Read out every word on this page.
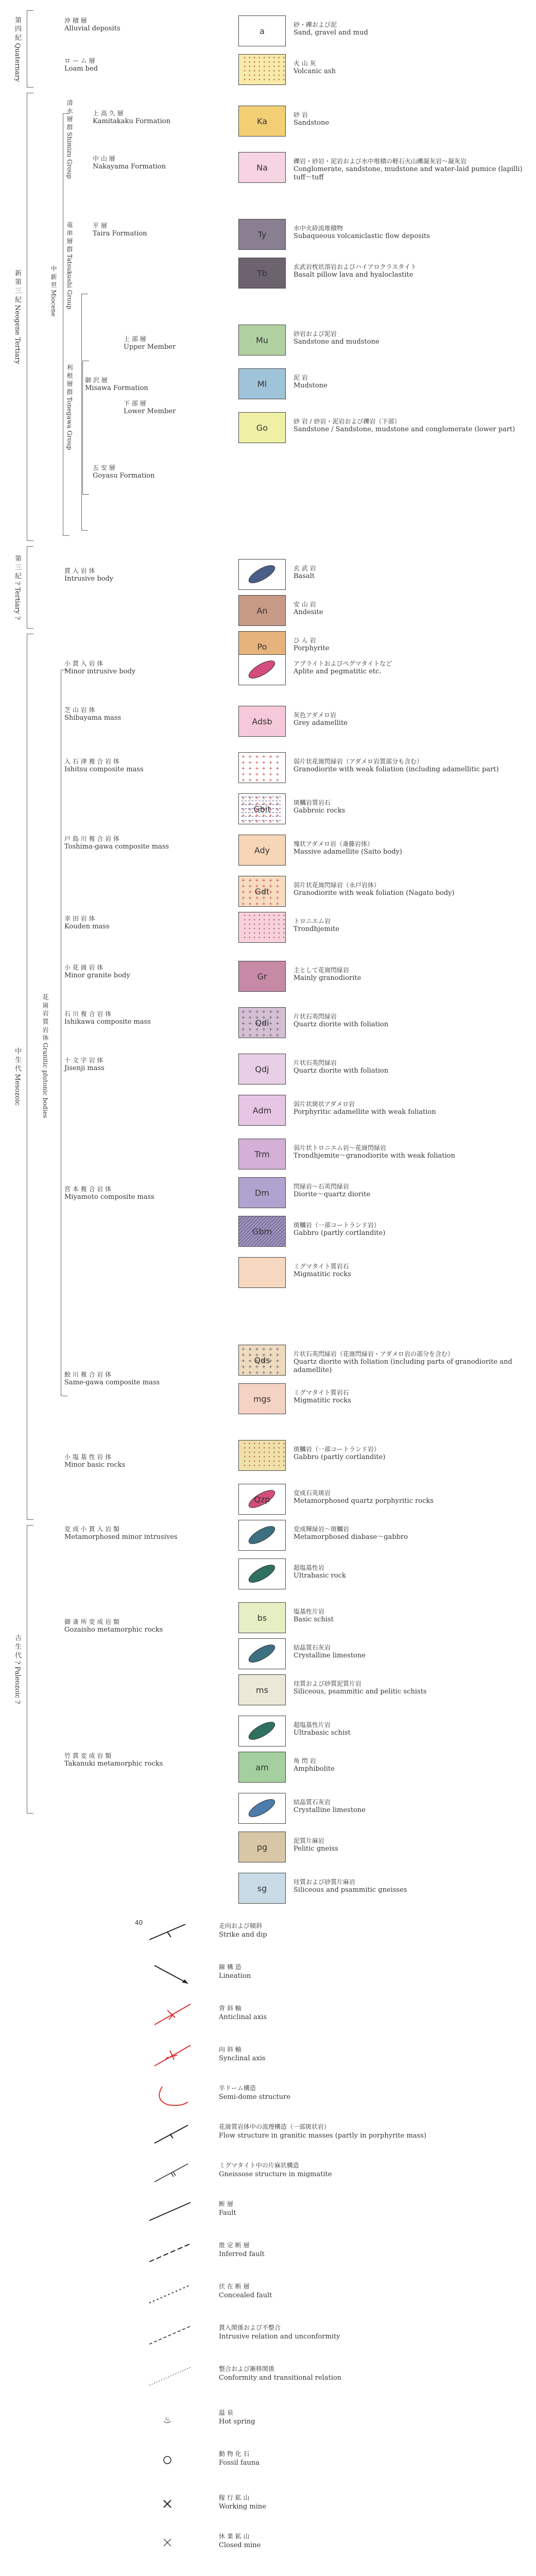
第 四 紀 Quaternary
新 第 三 紀 Neogene Tertiary
第 三 紀 ? Tertiary ?
中 生 代 Mesozoic
古 生 代 ? Paleozoic ?
中 新 世 Miocene
清 水 層 群 Shimizu Group
竜 串 層 群 Tatsukushi Group
利 根 層 群 Tonegawa Group 御 沢 層
Misawa Formation
花 崗 岩 質 岩 体 Granitic plutonic bodies
沖 積 層
Alluvial deposits
ロ ー ム 層
Loam bed
上 高 久 層
Kamitakaku Formation
中 山 層
Nakayama Formation
平 層
Taira Formation
上 部 層
Upper Member
下 部 層
Lower Member
五 安 層
Goyasu Formation
貫 入 岩 体
Intrusive body
小 貫 入 岩 体
Minor intrusive body
芝 山 岩 体
Shibayama mass
入 石 津 複 合 岩 体
Ishitsu composite mass
戸 島 川 複 合 岩 体
Toshima-gawa composite mass
幸 田 岩 体
Kouden mass
小 花 崗 岩 体
Minor granite body
石 川 複 合 岩 体
Ishikawa composite mass
十 文 字 岩 体
Jisenji mass
宮 本 複 合 岩 体
Miyamoto composite mass
鮫 川 複 合 岩 体
Same-gawa composite mass
小 塩 基 性 岩 体
Minor basic rocks
変 成 小 貫 入 岩 類
Metamorphosed minor intrusives
御 斎 所 変 成 岩 類
Gozaisho metamorphic rocks
竹 貫 変 成 岩 類
Takanuki metamorphic rocks
a
砂・礫および泥
Sand, gravel and mud
火 山 灰
Volcanic ash
Ka
砂 岩
Sandstone
Na
礫岩・砂岩・泥岩および水中堆積の軽石火山礫凝灰岩〜凝灰岩
Conglomerate, sandstone, mudstone and water-laid pumice (lapilli) tuff〜tuff
Ty
水中火砕流堆積物
Subaqueous volcaniclastic flow deposits
Tb
玄武岩枕状溶岩およびハイアロクラスタイト
Basalt pillow lava and hyaloclastite
Mu
砂岩および泥岩
Sandstone and mudstone
Ml
泥 岩
Mudstone
Go
砂 岩 / 砂岩・泥岩および礫岩（下部）
Sandstone / Sandstone, mudstone and conglomerate (lower part)
玄 武 岩
Basalt
An
安 山 岩
Andesite
Po
ひ ん 岩
Porphyrite
アプライトおよびペグマタイトなど
Aplite and pegmatitic etc.
Adsb
灰色アダメロ岩
Grey adamellite
弱片状花崗閃緑岩（アダメロ岩質部分も含む）
Granodiorite with weak foliation (including adamellitic part)
Gbit
斑糲岩質岩石
Gabbroic rocks
Ady
塊状アダメロ岩（斎藤岩体）
Massive adamellite (Saito body)
Gdt
弱片状花崗閃緑岩（永戸岩体）
Granodiorite with weak foliation (Nagato body)
トロニエム岩
Trondhjemite
Gr
主として花崗閃緑岩
Mainly granodiorite
Qdi
片状石英閃緑岩
Quartz diorite with foliation
Qdj
片状石英閃緑岩
Quartz diorite with foliation
Adm
弱片状斑状アダメロ岩
Porphyritic adamellite with weak foliation
Trm
弱片状トロニエム岩〜花崗閃緑岩
Trondhjemite〜granodiorite with weak foliation
Dm
閃緑岩〜石英閃緑岩
Diorite〜quartz diorite
Gbm
斑糲岩（一部コートランド岩）
Gabbro (partly cortlandite)
ミグマタイト質岩石
Migmatitic rocks
Qds
片状石英閃緑岩（花崗閃緑岩・アダメロ岩の部分を含む）
Quartz diorite with foliation (including parts of granodiorite and adamellite)
mgs
ミグマタイト質岩石
Migmatitic rocks
斑糲岩（一部コートランド岩）
Gabbro (partly cortlandite)
Qzp
変成石英斑岩
Metamorphosed quartz porphyritic rocks
変成輝緑岩〜斑糲岩
Metamorphosed diabase〜gabbro
超塩基性岩
Ultrabasic rock
bs
塩基性片岩
Basic schist
結晶質石灰岩
Crystalline limestone
ms
珪質および砂質泥質片岩
Siliceous, psammitic and pelitic schists
超塩基性片岩
Ultrabasic schist
am
角 閃 岩
Amphibolite
結晶質石灰岩
Crystalline limestone
pg
泥質片麻岩
Pelitic gneiss
sg
珪質および砂質片麻岩
Siliceous and psammitic gneisses
40	走向および傾斜
Strike and dip
線 構 造
Lineation
背 斜 軸
Anticlinal axis
向 斜 軸
Synclinal axis
半ドーム構造
Semi-dome structure
花崗質岩体中の流理構造（一部斑状岩）
Flow structure in granitic masses (partly in porphyrite mass)
ミグマタイト中の片麻状構造
Gneissose structure in migmatite
断 層
Fault
推 定 断 層
Inferred fault
伏 在 断 層
Concealed fault
貫入関係および不整合
Intrusive relation and unconformity
整合および漸移関係
Conformity and transitional relation
♨
温 泉
Hot spring
動 物 化 石
Fossil fauna
稼 行 鉱 山
Working mine
休 業 鉱 山
Closed mine
